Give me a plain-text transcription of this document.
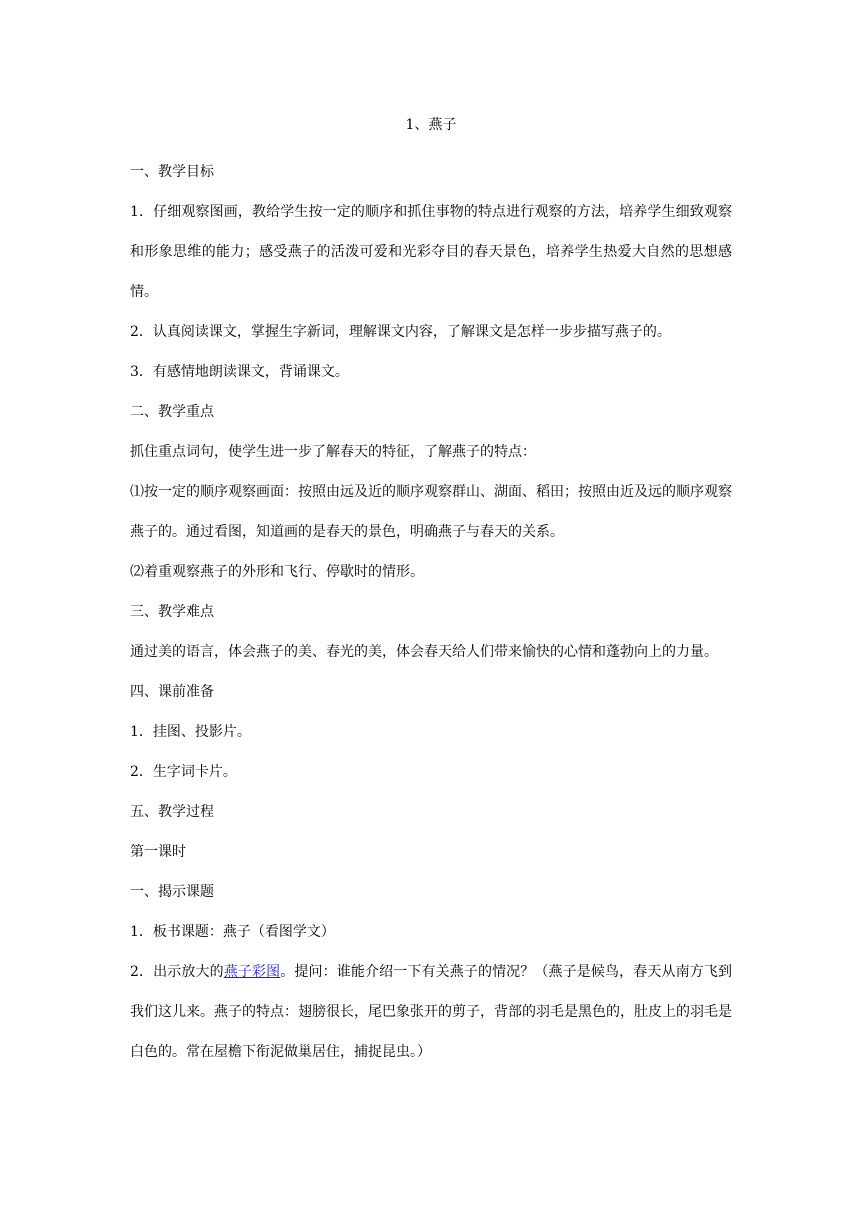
1、燕子

一、教学目标

1．仔细观察图画，教给学生按一定的顺序和抓住事物的特点进行观察的方法，培养学生细致观察和形象思维的能力；感受燕子的活泼可爱和光彩夺目的春天景色，培养学生热爱大自然的思想感情。

2．认真阅读课文，掌握生字新词，理解课文内容，了解课文是怎样一步步描写燕子的。

3．有感情地朗读课文，背诵课文。

二、教学重点

抓住重点词句，使学生进一步了解春天的特征，了解燕子的特点：

⑴按一定的顺序观察画面：按照由远及近的顺序观察群山、湖面、稻田；按照由近及远的顺序观察燕子的。通过看图，知道画的是春天的景色，明确燕子与春天的关系。

⑵着重观察燕子的外形和飞行、停歇时的情形。

三、教学难点

通过美的语言，体会燕子的美、春光的美，体会春天给人们带来愉快的心情和蓬勃向上的力量。

四、课前准备

1．挂图、投影片。

2．生字词卡片。

五、教学过程

第一课时

一、揭示课题

1．板书课题：燕子（看图学文）

2．出示放大的燕子彩图。提问：谁能介绍一下有关燕子的情况？（燕子是候鸟，春天从南方飞到我们这儿来。燕子的特点：翅膀很长，尾巴象张开的剪子，背部的羽毛是黑色的，肚皮上的羽毛是白色的。常在屋檐下衔泥做巢居住，捕捉昆虫。）
